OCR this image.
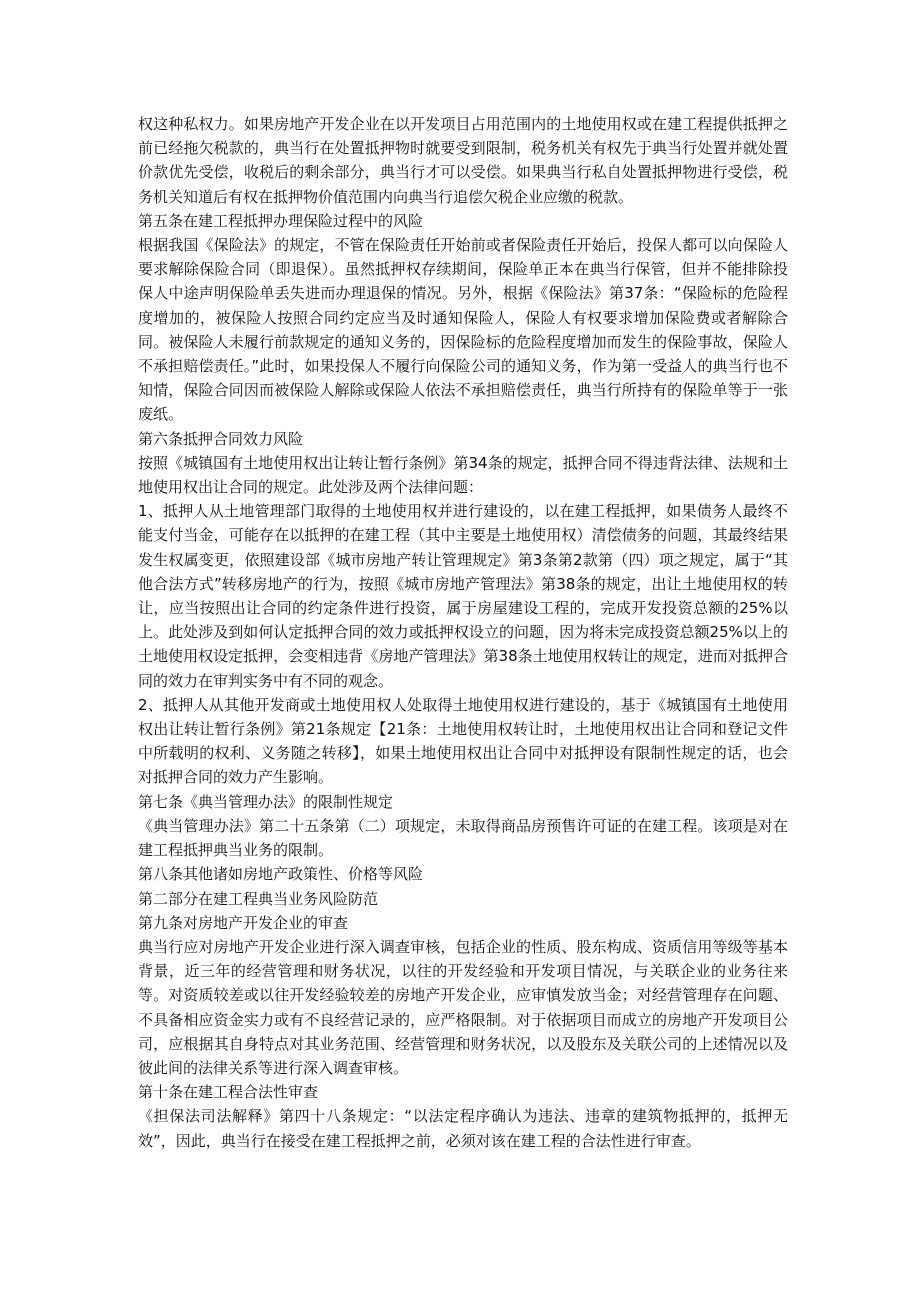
权这种私权力。如果房地产开发企业在以开发项目占用范围内的土地使用权或在建工程提供抵押之前已经拖欠税款的，典当行在处置抵押物时就要受到限制，税务机关有权先于典当行处置并就处置价款优先受偿，收税后的剩余部分，典当行才可以受偿。如果典当行私自处置抵押物进行受偿，税务机关知道后有权在抵押物价值范围内向典当行追偿欠税企业应缴的税款。

第五条在建工程抵押办理保险过程中的风险

根据我国《保险法》的规定，不管在保险责任开始前或者保险责任开始后，投保人都可以向保险人要求解除保险合同（即退保）。虽然抵押权存续期间，保险单正本在典当行保管，但并不能排除投保人中途声明保险单丢失进而办理退保的情况。另外，根据《保险法》第37条：“保险标的危险程度增加的，被保险人按照合同约定应当及时通知保险人，保险人有权要求增加保险费或者解除合同。被保险人未履行前款规定的通知义务的，因保险标的危险程度增加而发生的保险事故，保险人不承担赔偿责任。”此时，如果投保人不履行向保险公司的通知义务，作为第一受益人的典当行也不知情，保险合同因而被保险人解除或保险人依法不承担赔偿责任，典当行所持有的保险单等于一张废纸。

第六条抵押合同效力风险

按照《城镇国有土地使用权出让转让暂行条例》第34条的规定，抵押合同不得违背法律、法规和土地使用权出让合同的规定。此处涉及两个法律问题：

1、抵押人从土地管理部门取得的土地使用权并进行建设的，以在建工程抵押，如果债务人最终不能支付当金，可能存在以抵押的在建工程（其中主要是土地使用权）清偿债务的问题，其最终结果发生权属变更，依照建设部《城市房地产转让管理规定》第3条第2款第（四）项之规定，属于“其他合法方式”转移房地产的行为，按照《城市房地产管理法》第38条的规定，出让土地使用权的转让，应当按照出让合同的约定条件进行投资，属于房屋建设工程的，完成开发投资总额的25%以上。此处涉及到如何认定抵押合同的效力或抵押权设立的问题，因为将未完成投资总额25%以上的土地使用权设定抵押，会变相违背《房地产管理法》第38条土地使用权转让的规定，进而对抵押合同的效力在审判实务中有不同的观念。

2、抵押人从其他开发商或土地使用权人处取得土地使用权进行建设的，基于《城镇国有土地使用权出让转让暂行条例》第21条规定【21条：土地使用权转让时，土地使用权出让合同和登记文件中所载明的权利、义务随之转移】，如果土地使用权出让合同中对抵押设有限制性规定的话，也会对抵押合同的效力产生影响。

第七条《典当管理办法》的限制性规定

《典当管理办法》第二十五条第（二）项规定，未取得商品房预售许可证的在建工程。该项是对在建工程抵押典当业务的限制。

第八条其他诸如房地产政策性、价格等风险

第二部分在建工程典当业务风险防范

第九条对房地产开发企业的审查

典当行应对房地产开发企业进行深入调查审核，包括企业的性质、股东构成、资质信用等级等基本背景，近三年的经营管理和财务状况，以往的开发经验和开发项目情况，与关联企业的业务往来等。对资质较差或以往开发经验较差的房地产开发企业，应审慎发放当金；对经营管理存在问题、不具备相应资金实力或有不良经营记录的，应严格限制。对于依据项目而成立的房地产开发项目公司，应根据其自身特点对其业务范围、经营管理和财务状况，以及股东及关联公司的上述情况以及彼此间的法律关系等进行深入调查审核。

第十条在建工程合法性审查

《担保法司法解释》第四十八条规定：“以法定程序确认为违法、违章的建筑物抵押的，抵押无效”，因此，典当行在接受在建工程抵押之前，必须对该在建工程的合法性进行审查。
